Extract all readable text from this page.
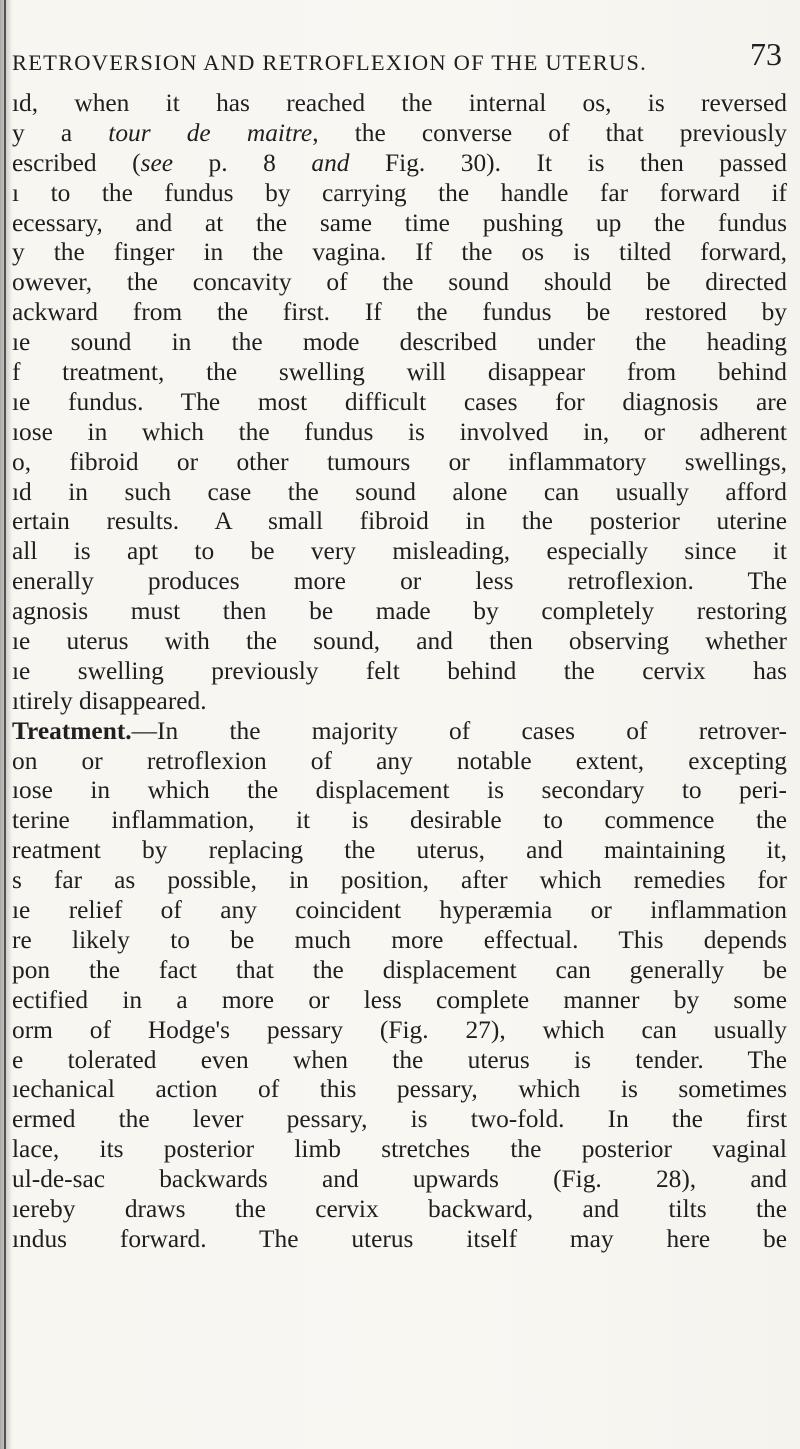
RETROVERSION AND RETROFLEXION OF THE UTERUS.	73
ıd, when it has reached the internal os, is reversed
y a tour de maitre, the converse of that previously
escribed (see p. 8 and Fig. 30). It is then passed
ı to the fundus by carrying the handle far forward if
ecessary, and at the same time pushing up the fundus
y the finger in the vagina. If the os is tilted forward,
owever, the concavity of the sound should be directed
ackward from the first. If the fundus be restored by
ıe sound in the mode described under the heading
f treatment, the swelling will disappear from behind
ıe fundus. The most difficult cases for diagnosis are
ıose in which the fundus is involved in, or adherent
o, fibroid or other tumours or inflammatory swellings,
ıd in such case the sound alone can usually afford
ertain results. A small fibroid in the posterior uterine
all is apt to be very misleading, especially since it
enerally produces more or less retroflexion. The
agnosis must then be made by completely restoring
ıe uterus with the sound, and then observing whether
ıe swelling previously felt behind the cervix has
ıtirely disappeared.
Treatment.—In the majority of cases of retrover-
on or retroflexion of any notable extent, excepting
ıose in which the displacement is secondary to peri-
terine inflammation, it is desirable to commence the
reatment by replacing the uterus, and maintaining it,
s far as possible, in position, after which remedies for
ıe relief of any coincident hyperæmia or inflammation
re likely to be much more effectual. This depends
pon the fact that the displacement can generally be
ectified in a more or less complete manner by some
orm of Hodge's pessary (Fig. 27), which can usually
e tolerated even when the uterus is tender. The
ıechanical action of this pessary, which is sometimes
ermed the lever pessary, is two-fold. In the first
lace, its posterior limb stretches the posterior vaginal
ul-de-sac backwards and upwards (Fig. 28), and
ıereby draws the cervix backward, and tilts the
ındus forward. The uterus itself may here be
